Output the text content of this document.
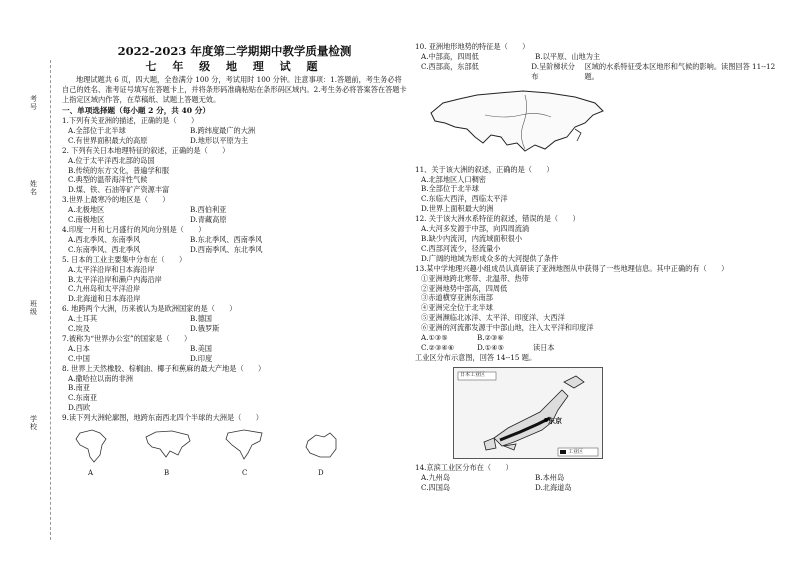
考号
姓名
班级
学校
2022-2023 年度第二学期期中教学质量检测
七 年 级 地 理 试 题
地理试题共 6 页，四大题，全卷满分 100 分，考试用时 100 分钟。注意事项：1.答题前，考生务必将自己的姓名、准考证号填写在答题卡上，并将条形码准确粘贴在条形码区域内。2.考生务必将答案答在答题卡上指定区域内作答，在草稿纸、试题上答题无效。
一、单项选择题（每小题 2 分，共 40 分）
1.下列有关亚洲的描述，正确的是（　　）
A.全部位于北半球	B.跨纬度最广的大洲
C.有世界面积最大的高原	D.地形以平原为主
2. 下列有关日本地理特征的叙述，正确的是（　　）
A.位于太平洋西北部的岛国
B.传统的东方文化，普遍学和服
C.典型的温带海洋性气候
D.煤、铁、石油等矿产资源丰富
3.世界上最寒冷的地区是（　　）
A.北极地区	B.西伯利亚
C.南极地区	D.青藏高原
4.印度一月和七月盛行的风向分别是（　　）
A.西北季风、东南季风	B.东北季风、西南季风
C.东南季风、西北季风	D.西南季风、东北季风
5. 日本的工业主要集中分布在（　　）
A.太平洋沿岸和日本海沿岸
B.太平洋沿岸和濑户内海沿岸
C.九州岛和太平洋沿岸
D.北海道和日本海沿岸
6. 地跨两个大洲，历来被认为是欧洲国家的是（　　）
A.土耳其	B.德国
C.埃及	D.俄罗斯
7.被称为“世界办公室”的国家是（　　）
A.日本	B.美国
C.中国	D.印度
8. 世界上天然橡胶、棕榈油、椰子和蕉麻的最大产地是（　　）
A.撒哈拉以南的非洲
B.南亚
C.东南亚
D.西欧
9.读下列大洲轮廓图，地跨东南西北四个半球的大洲是（　　）
A	B	C	D
10. 亚洲地形地势的特征是（　　）
A.中部高，四周低	B.以平原、山地为主
C.西部高，东部低	D.呈阶梯状分布
区域的水系特征受本区地形和气候的影响。读图回答 11--12 题。
11、关于该大洲的叙述，正确的是（　　）
A.北部地区人口稠密
B.全部位于北半球
C.东临大西洋，西临太平洋
D.世界上面积最大的洲
12. 关于该大洲水系特征的叙述，错误的是（　　）
A.大河多发源于中部，向四周流淌
B.缺少内流河，内流域面积很小
C.西部河流少，径流量小
D.广阔的地域为形成众多的大河提供了条件
13.某中学地理兴趣小组成员认真研读了亚洲地图从中获得了一些地理信息。其中正确的有（　　）
①亚洲地跨北寒带、北温带、热带
②亚洲地势中部高，四周低
③赤道横穿亚洲东南部
④亚洲完全位于北半球
⑤亚洲濒临北冰洋、太平洋、印度洋、大西洋
⑥亚洲的河流都发源于中部山地，注入太平洋和印度洋
A.①③⑤	B.②③⑥
C.②③④⑥	D.①④⑤	读日本
工业区分布示意图，回答 14--15 题。
日本工业区
东京
工业区
14.京滨工业区分布在（　　）
A.九州岛	B.本州岛
C.四国岛	D.北海道岛
